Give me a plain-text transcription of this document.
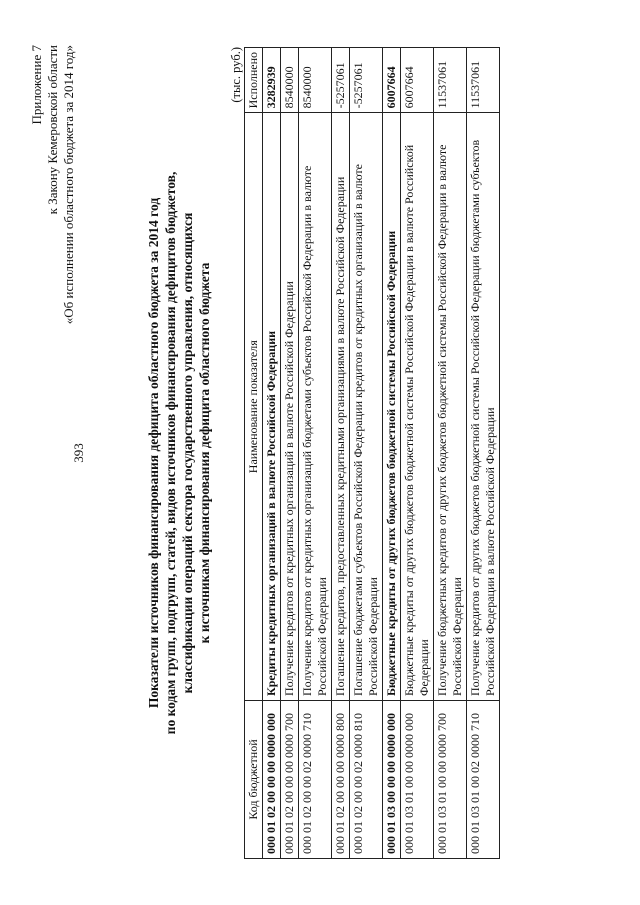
393
Приложение 7 к Закону Кемеровской области «Об исполнении областного бюджета за 2014 год»
Показатели источников финансирования дефицита областного бюджета за 2014 год по кодам групп, подгрупп, статей, видов источников финансирования дефицитов бюджетов, классификации операций сектора государственного управления, относящихся к источникам финансирования дефицита областного бюджета
(тыс. руб.)
Код бюджетной	Наименование показателя	Исполнено
000 01 02 00 00 00 0000 000	Кредиты кредитных организаций в валюте Российской Федерации	3282939
000 01 02 00 00 00 0000 700	Получение кредитов от кредитных организаций в валюте Российской Федерации	8540000
000 01 02 00 00 02 0000 710	Получение кредитов от кредитных организаций бюджетами субъектов Российской Федерации в валюте Российской Федерации	8540000
000 01 02 00 00 00 0000 800	Погашение кредитов, предоставленных кредитными организациями в валюте Российской Федерации	-5257061
000 01 02 00 00 02 0000 810	Погашение бюджетами субъектов Российской Федерации кредитов от кредитных организаций в валюте Российской Федерации	-5257061
000 01 03 00 00 00 0000 000	Бюджетные кредиты от других бюджетов бюджетной системы Российской Федерации	6007664
000 01 03 01 00 00 0000 000	Бюджетные кредиты от других бюджетов бюджетной системы Российской Федерации в валюте Российской Федерации	6007664
000 01 03 01 00 00 0000 700	Получение бюджетных кредитов от других бюджетов бюджетной системы Российской Федерации в валюте Российской Федерации	11537061
000 01 03 01 00 02 0000 710	Получение кредитов от других бюджетов бюджетной системы Российской Федерации бюджетами субъектов Российской Федерации в валюте Российской Федерации	11537061
